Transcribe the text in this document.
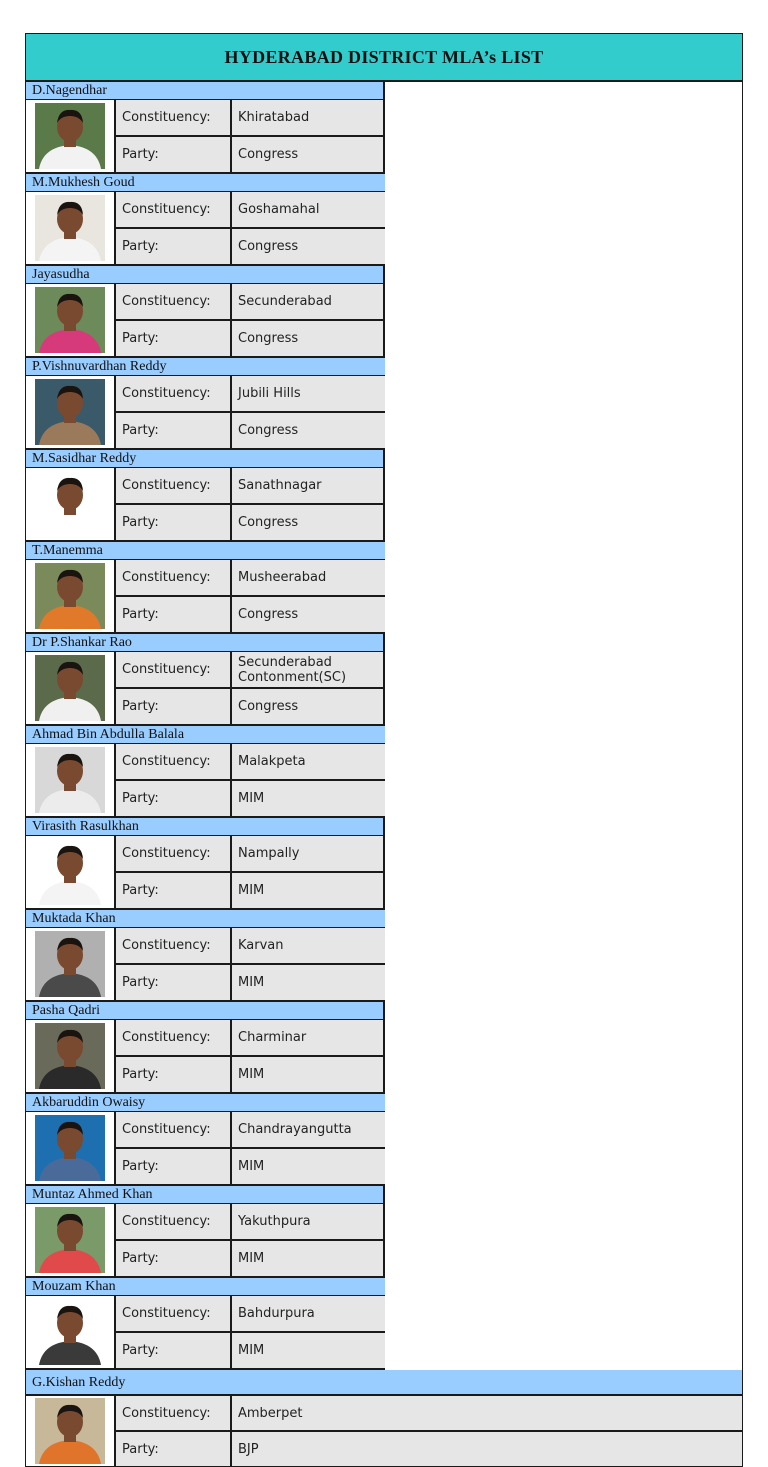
HYDERABAD DISTRICT MLA’s LIST
D.Nagendhar
Constituency:	Khiratabad
Party:	Congress
M.Mukhesh Goud
Constituency:	Goshamahal
Party:	Congress
Jayasudha
Constituency:	Secunderabad
Party:	Congress
P.Vishnuvardhan Reddy
Constituency:	Jubili Hills
Party:	Congress
M.Sasidhar Reddy
Constituency:	Sanathnagar
Party:	Congress
T.Manemma
Constituency:	Musheerabad
Party:	Congress
Dr P.Shankar Rao
Constituency:	Secunderabad
Contonment(SC)
Party:	Congress
Ahmad Bin Abdulla Balala
Constituency:	Malakpeta
Party:	MIM
Virasith Rasulkhan
Constituency:	Nampally
Party:	MIM
Muktada Khan
Constituency:	Karvan
Party:	MIM
Pasha Qadri
Constituency:	Charminar
Party:	MIM
Akbaruddin Owaisy
Constituency:	Chandrayangutta
Party:	MIM
Muntaz Ahmed Khan
Constituency:	Yakuthpura
Party:	MIM
Mouzam Khan
Constituency:	Bahdurpura
Party:	MIM
G.Kishan Reddy
Constituency:	Amberpet
Party:	BJP
